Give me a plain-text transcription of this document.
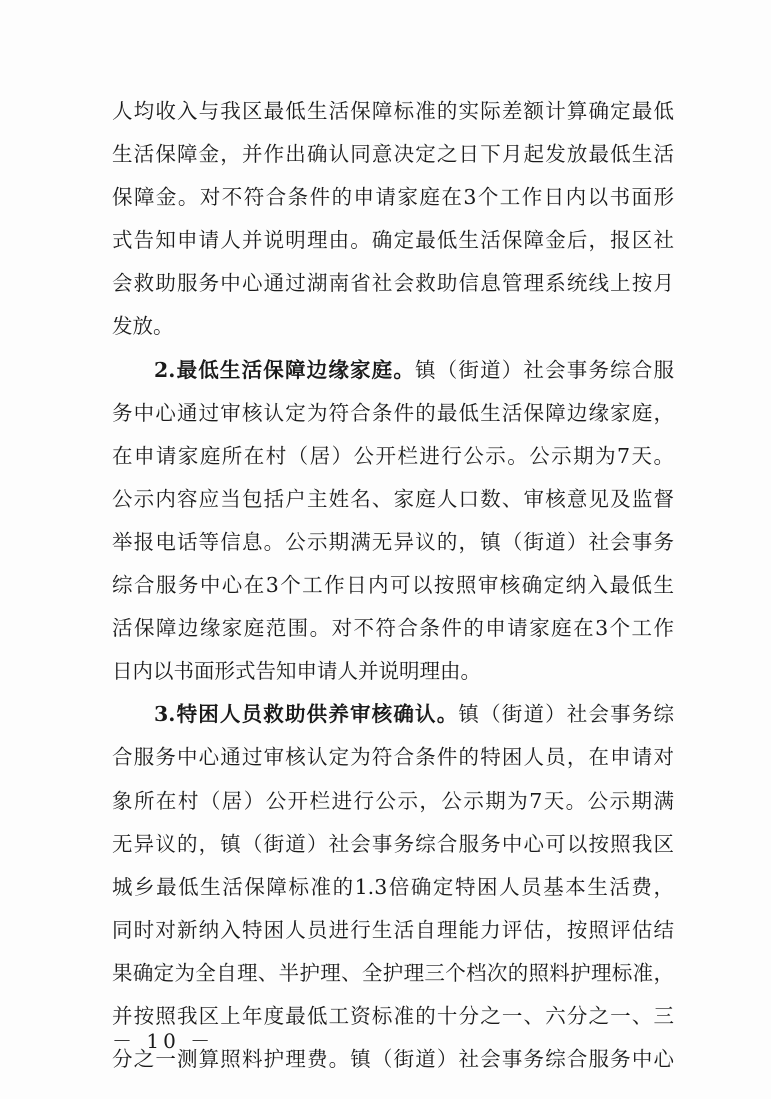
人均收入与我区最低生活保障标准的实际差额计算确定最低
生活保障金，并作出确认同意决定之日下月起发放最低生活
保障金。对不符合条件的申请家庭在3个工作日内以书面形
式告知申请人并说明理由。确定最低生活保障金后，报区社
会救助服务中心通过湖南省社会救助信息管理系统线上按月
发放。
2.最低生活保障边缘家庭。镇（街道）社会事务综合服
务中心通过审核认定为符合条件的最低生活保障边缘家庭，
在申请家庭所在村（居）公开栏进行公示。公示期为7天。
公示内容应当包括户主姓名、家庭人口数、审核意见及监督
举报电话等信息。公示期满无异议的，镇（街道）社会事务
综合服务中心在3个工作日内可以按照审核确定纳入最低生
活保障边缘家庭范围。对不符合条件的申请家庭在3个工作
日内以书面形式告知申请人并说明理由。
3.特困人员救助供养审核确认。镇（街道）社会事务综
合服务中心通过审核认定为符合条件的特困人员，在申请对
象所在村（居）公开栏进行公示，公示期为7天。公示期满
无异议的，镇（街道）社会事务综合服务中心可以按照我区
城乡最低生活保障标准的1.3倍确定特困人员基本生活费，
同时对新纳入特困人员进行生活自理能力评估，按照评估结
果确定为全自理、半护理、全护理三个档次的照料护理标准，
并按照我区上年度最低工资标准的十分之一、六分之一、三
分之一测算照料护理费。镇（街道）社会事务综合服务中心
－ 10 －
